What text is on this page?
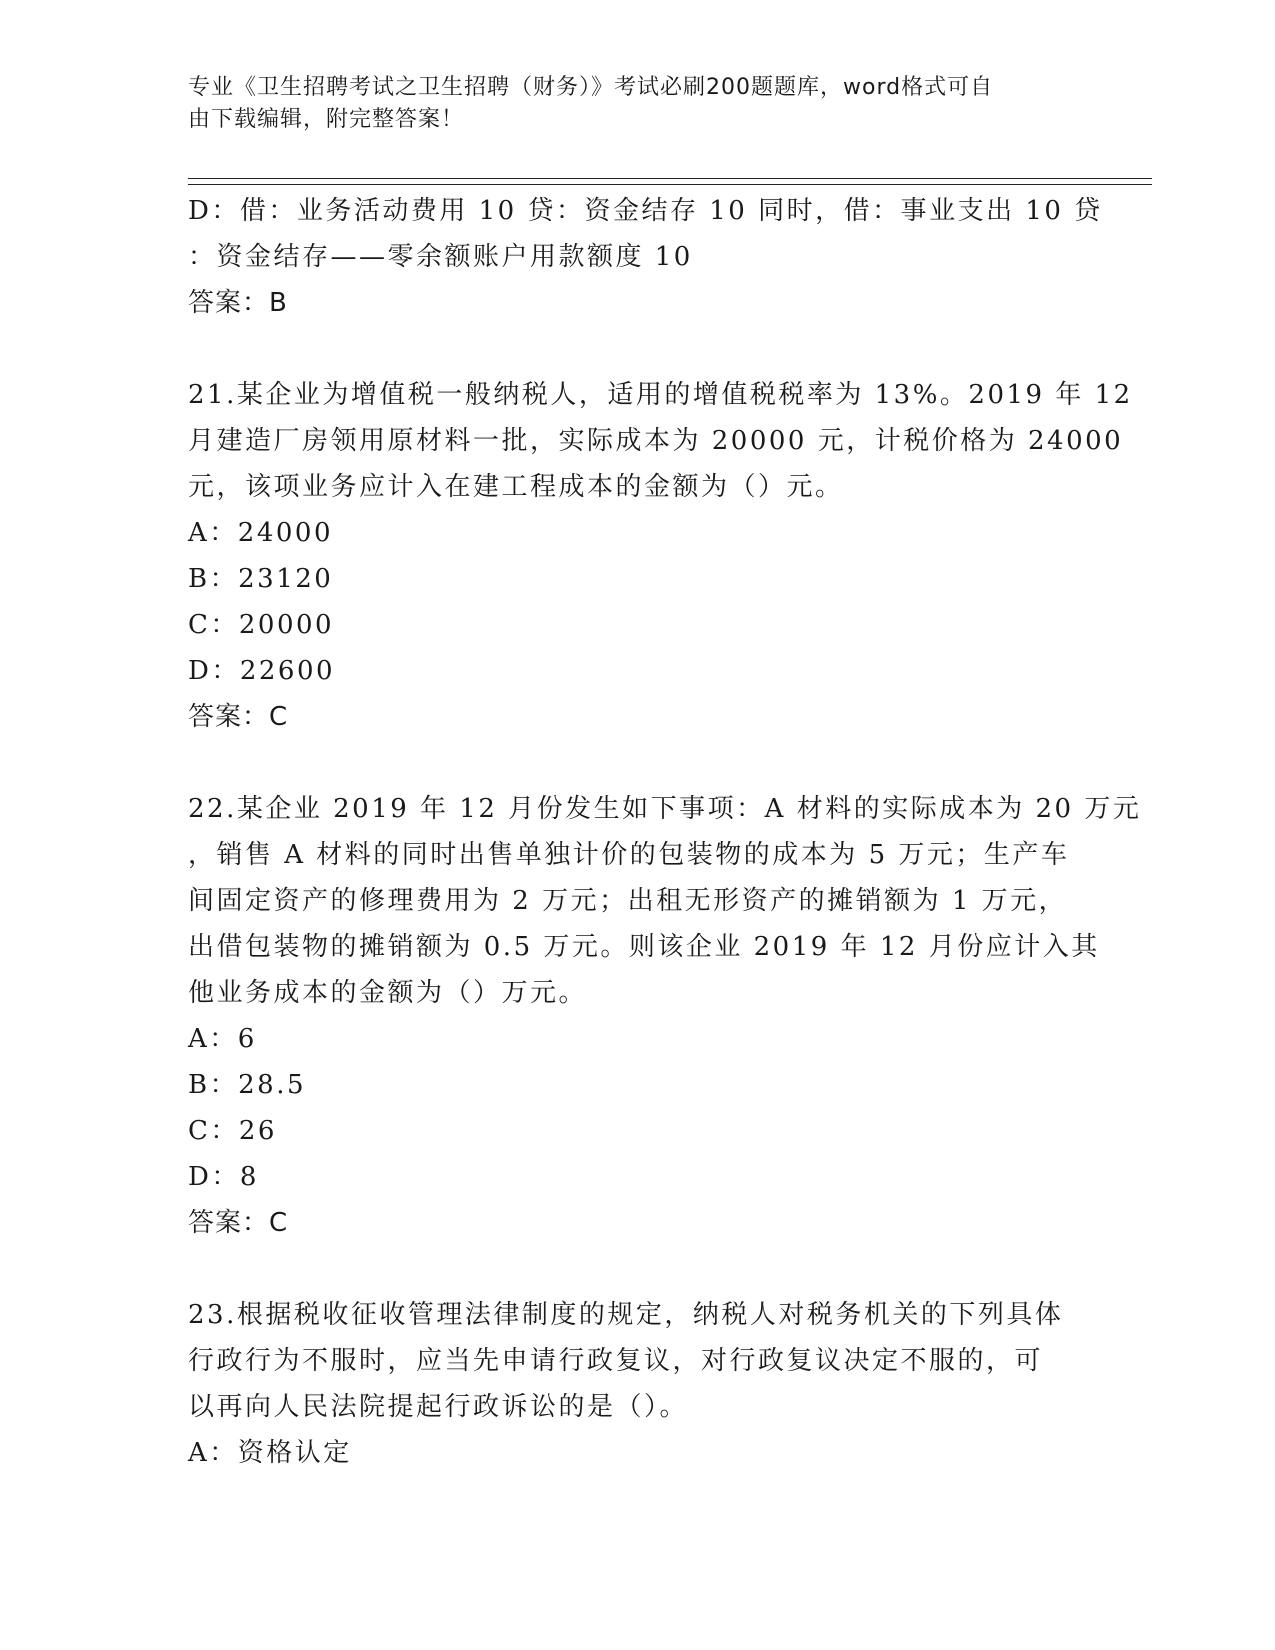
专业《卫生招聘考试之卫生招聘（财务）》考试必刷200题题库，word格式可自
由下载编辑，附完整答案！
D：借：业务活动费用 10 贷：资金结存 10 同时，借：事业支出 10 贷
：资金结存——零余额账户用款额度 10
答案：B
21.某企业为增值税一般纳税人，适用的增值税税率为 13%。2019 年 12
月建造厂房领用原材料一批，实际成本为 20000 元，计税价格为 24000
元，该项业务应计入在建工程成本的金额为（）元。
A：24000
B：23120
C：20000
D：22600
答案：C
22.某企业 2019 年 12 月份发生如下事项：A 材料的实际成本为 20 万元
，销售 A 材料的同时出售单独计价的包装物的成本为 5 万元；生产车
间固定资产的修理费用为 2 万元；出租无形资产的摊销额为 1 万元，
出借包装物的摊销额为 0.5 万元。则该企业 2019 年 12 月份应计入其
他业务成本的金额为（）万元。
A：6
B：28.5
C：26
D：8
答案：C
23.根据税收征收管理法律制度的规定，纳税人对税务机关的下列具体
行政行为不服时，应当先申请行政复议，对行政复议决定不服的，可
以再向人民法院提起行政诉讼的是（）。
A：资格认定
